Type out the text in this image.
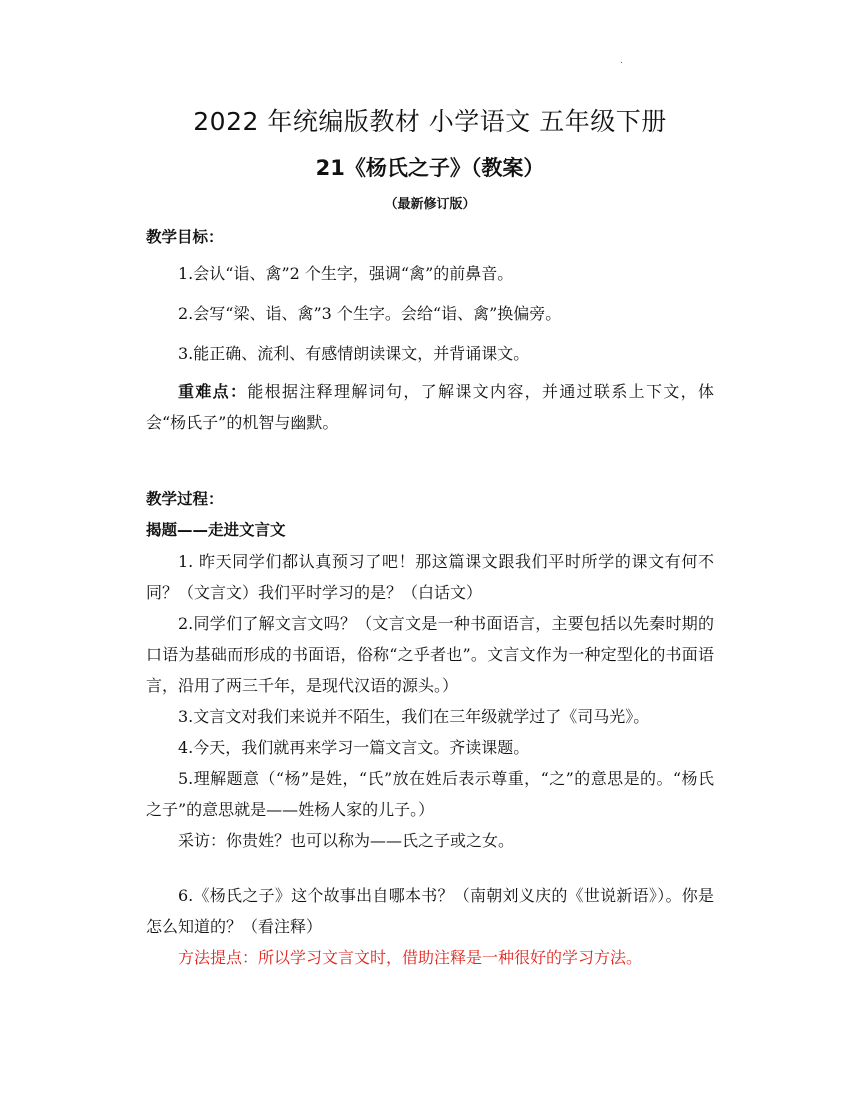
.
2022 年统编版教材 小学语文 五年级下册
21《杨氏之子》（教案）
（最新修订版）
教学目标：
1.会认“诣、禽”2 个生字，强调“禽”的前鼻音。
2.会写“梁、诣、禽”3 个生字。会给“诣、禽”换偏旁。
3.能正确、流利、有感情朗读课文，并背诵课文。
重难点：能根据注释理解词句，了解课文内容，并通过联系上下文，体会“杨氏子”的机智与幽默。
教学过程：
揭题——走进文言文
1. 昨天同学们都认真预习了吧！那这篇课文跟我们平时所学的课文有何不同？（文言文）我们平时学习的是？（白话文）
2.同学们了解文言文吗？（文言文是一种书面语言，主要包括以先秦时期的口语为基础而形成的书面语，俗称“之乎者也”。文言文作为一种定型化的书面语言，沿用了两三千年，是现代汉语的源头。）
3.文言文对我们来说并不陌生，我们在三年级就学过了《司马光》。
4.今天，我们就再来学习一篇文言文。齐读课题。
5.理解题意（“杨”是姓，“氏”放在姓后表示尊重，“之”的意思是的。“杨氏之子”的意思就是——姓杨人家的儿子。）
采访：你贵姓？也可以称为——氏之子或之女。
6.《杨氏之子》这个故事出自哪本书？（南朝刘义庆的《世说新语》）。你是怎么知道的？（看注释）
方法提点：所以学习文言文时，借助注释是一种很好的学习方法。
